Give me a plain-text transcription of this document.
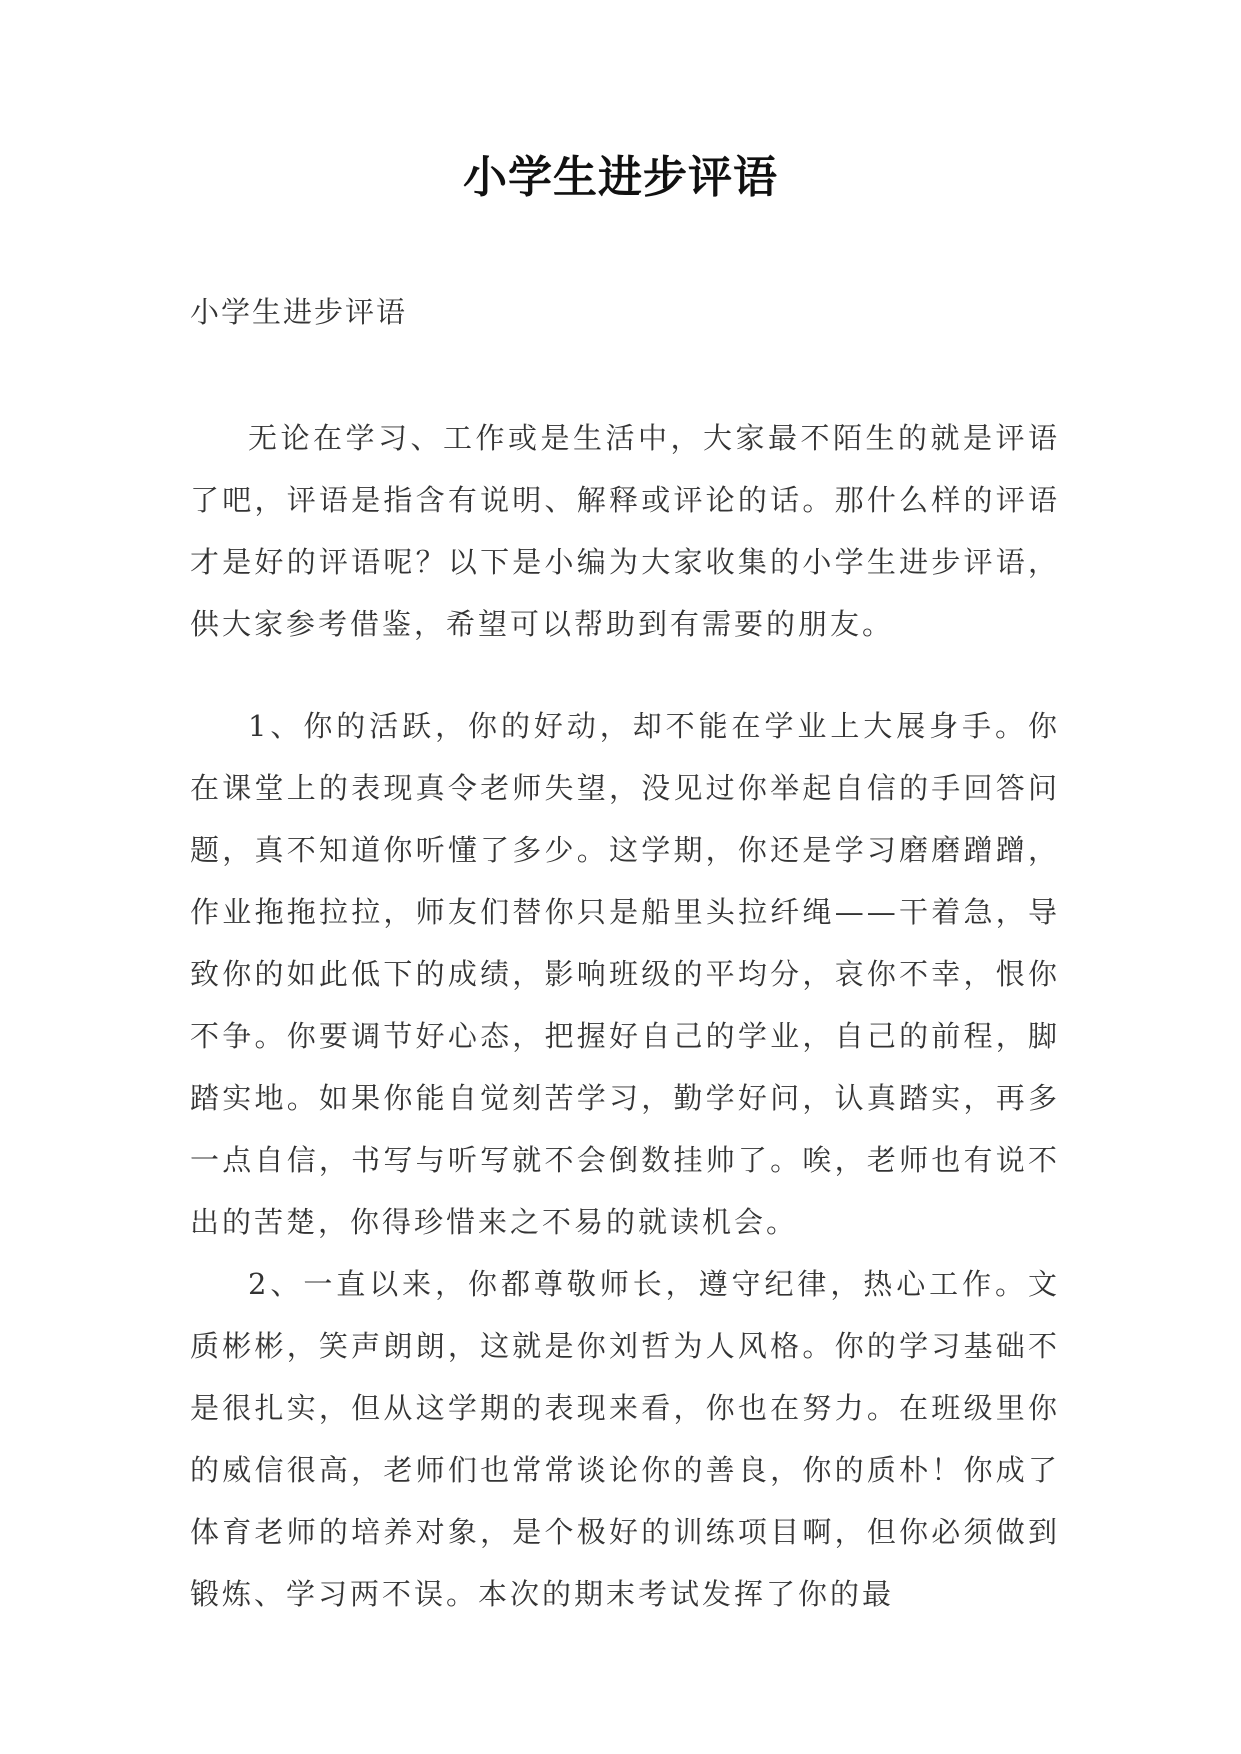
小学生进步评语
小学生进步评语

无论在学习、工作或是生活中，大家最不陌生的就是评语了吧，评语是指含有说明、解释或评论的话。那什么样的评语才是好的评语呢？以下是小编为大家收集的小学生进步评语，供大家参考借鉴，希望可以帮助到有需要的朋友。

1、你的活跃，你的好动，却不能在学业上大展身手。你在课堂上的表现真令老师失望，没见过你举起自信的手回答问题，真不知道你听懂了多少。这学期，你还是学习磨磨蹭蹭，作业拖拖拉拉，师友们替你只是船里头拉纤绳——干着急，导致你的如此低下的成绩，影响班级的平均分，哀你不幸，恨你不争。你要调节好心态，把握好自己的学业，自己的前程，脚踏实地。如果你能自觉刻苦学习，勤学好问，认真踏实，再多一点自信，书写与听写就不会倒数挂帅了。唉，老师也有说不出的苦楚，你得珍惜来之不易的就读机会。

2、一直以来，你都尊敬师长，遵守纪律，热心工作。文质彬彬，笑声朗朗，这就是你刘哲为人风格。你的学习基础不是很扎实，但从这学期的表现来看，你也在努力。在班级里你的威信很高，老师们也常常谈论你的善良，你的质朴！你成了体育老师的培养对象，是个极好的训练项目啊，但你必须做到锻炼、学习两不误。本次的期末考试发挥了你的最
